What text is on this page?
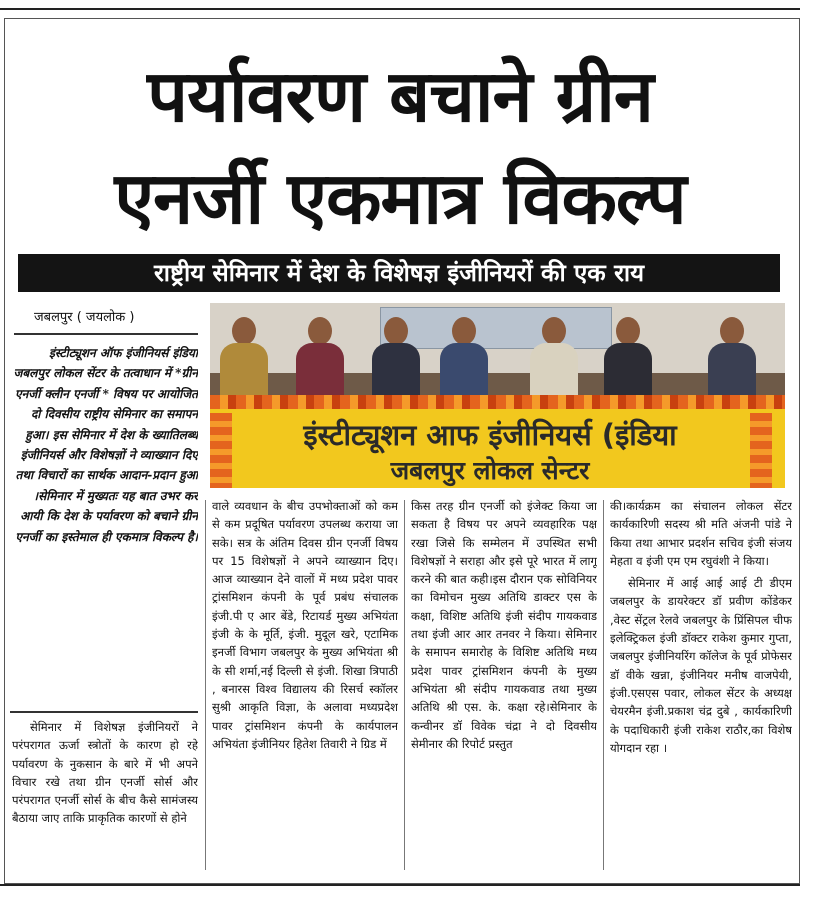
पर्यावरण बचाने ग्रीन
एनर्जी एकमात्र विकल्प
राष्ट्रीय सेमिनार में देश के विशेषज्ञ इंजीनियरों की एक राय
जबलपुर ( जयलोक )
इंस्टीट्यूशन ऑफ इंजीनियर्स इंडिया जबलपुर लोकल सेंटर के तत्वाधान में *ग्रीन एनर्जी क्लीन एनर्जी * विषय पर आयोजित दो दिवसीय राष्ट्रीय सेमिनार का समापन हुआ। इस सेमिनार में देश के ख्यातिलब्ध इंजीनियर्स और विशेषज्ञों ने व्याख्यान दिए तथा विचारों का सार्थक आदान-प्रदान हुआ ।सेमिनार में मुख्यतः यह बात उभर कर आयी कि देश के पर्यावरण को बचाने ग्रीन एनर्जी का इस्तेमाल ही एकमात्र विकल्प है।
इंस्टीट्यूशन आफ इंजीनियर्स (इंडिया
जबलपुर लोकल सेन्टर

सेमिनार में विशेषज्ञ इंजीनियरों ने परंपरागत ऊर्जा स्त्रोतों के कारण हो रहे पर्यावरण के नुकसान के बारे में भी अपने विचार रखे तथा ग्रीन एनर्जी सोर्स और परंपरागत एनर्जी सोर्स के बीच कैसे सामंजस्य बैठाया जाए ताकि प्राकृतिक कारणों से होने

वाले व्यवधान के बीच उपभोक्ताओं को कम से कम प्रदूषित पर्यावरण उपलब्ध कराया जा सके। सत्र के अंतिम दिवस ग्रीन एनर्जी विषय पर 15 विशेषज्ञों ने अपने व्याख्यान दिए। आज व्याख्यान देने वालों में मध्य प्रदेश पावर ट्रांसमिशन कंपनी के पूर्व प्रबंध संचालक इंजी.पी ए आर बेंडे, रिटायर्ड मुख्य अभियंता इंजी के के मूर्ति, इंजी. मुदूल खरे, एटामिक इनर्जी विभाग जबलपुर के मुख्य अभियंता श्री के सी शर्मा,नई दिल्ली से इंजी. शिखा त्रिपाठी , बनारस विश्व विद्यालय की रिसर्च स्कॉलर सुश्री आकृति विज्ञा, के अलावा मध्यप्रदेश पावर ट्रांसमिशन कंपनी के कार्यपालन अभियंता इंजीनियर हितेश तिवारी ने ग्रिड में

किस तरह ग्रीन एनर्जी को इंजेक्ट किया जा सकता है विषय पर अपने व्यवहारिक पक्ष रखा जिसे कि सम्मेलन में उपस्थित सभी विशेषज्ञों ने सराहा और इसे पूरे भारत में लागू करने की बात कही।इस दौरान एक सोविनियर का विमोचन मुख्य अतिथि डाक्टर एस के कक्षा, विशिष्ट अतिथि इंजी संदीप गायकवाड तथा इंजी आर आर तनवर ने किया। सेमिनार के समापन समारोह के विशिष्ट अतिथि मध्य प्रदेश पावर ट्रांसमिशन कंपनी के मुख्य अभियंता श्री संदीप गायकवाड तथा मुख्य अतिथि श्री एस. के. कक्षा रहे।सेमिनार के कन्वीनर डॉ विवेक चंद्रा ने दो दिवसीय सेमीनार की रिपोर्ट प्रस्तुत

की।कार्यक्रम का संचालन लोकल सेंटर कार्यकारिणी सदस्य श्री मति अंजनी पांडे ने किया तथा आभार प्रदर्शन सचिव इंजी संजय मेहता व इंजी एम एम रघुवंशी ने किया।

सेमिनार में आई आई आई टी डीएम जबलपुर के डायरेक्टर डॉ प्रवीण कोंडेकर ,वेस्ट सेंट्रल रेलवे जबलपुर के प्रिंसिपल चीफ इलेक्ट्रिकल इंजी डॉक्टर राकेश कुमार गुप्ता, जबलपुर इंजीनियरिंग कॉलेज के पूर्व प्रोफेसर डॉ वीके खन्ना, इंजीनियर मनीष वाजपेयी, इंजी.एसएस पवार, लोकल सेंटर के अध्यक्ष चेयरमैन इंजी.प्रकाश चंद्र दुबे , कार्यकारिणी के पदाधिकारी इंजी राकेश राठौर,का विशेष योगदान रहा ।
